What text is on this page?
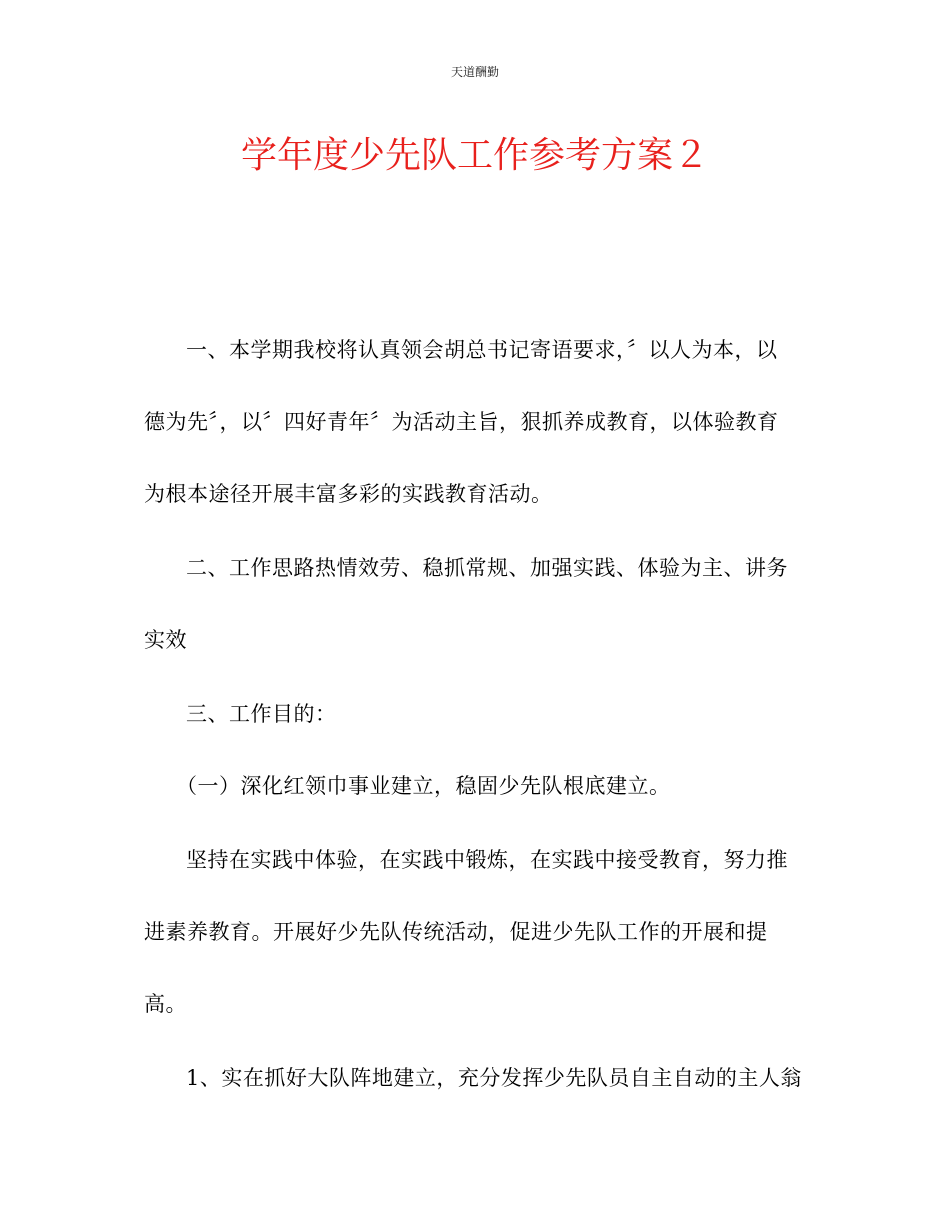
天道酬勤
学年度少先队工作参考方案２
一、本学期我校将认真领会胡总书记寄语要求，〞以人为本，以
德为先〞，以〞四好青年〞为活动主旨，狠抓养成教育，以体验教育
为根本途径开展丰富多彩的实践教育活动。
二、工作思路热情效劳、稳抓常规、加强实践、体验为主、讲务
实效
三、工作目的：
（一）深化红领巾事业建立，稳固少先队根底建立。
坚持在实践中体验，在实践中锻炼，在实践中接受教育，努力推
进素养教育。开展好少先队传统活动，促进少先队工作的开展和提
高。
1、实在抓好大队阵地建立，充分发挥少先队员自主自动的主人翁
